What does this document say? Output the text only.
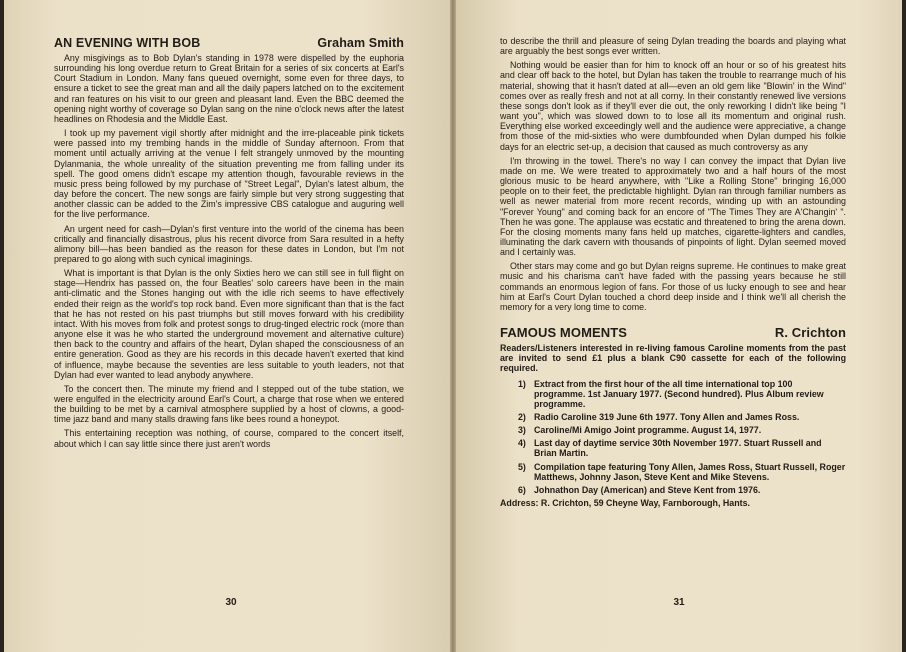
AN EVENING WITH BOB	Graham Smith

Any misgivings as to Bob Dylan's standing in 1978 were dispelled by the euphoria surrounding his long overdue return to Great Britain for a series of six concerts at Earl's Court Stadium in London. Many fans queued overnight, some even for three days, to ensure a ticket to see the great man and all the daily papers latched on to the excitement and ran features on his visit to our green and pleasant land. Even the BBC deemed the opening night worthy of coverage so Dylan sang on the nine o'clock news after the latest headlines on Rhodesia and the Middle East.

I took up my pavement vigil shortly after midnight and the irre-placeable pink tickets were passed into my trembing hands in the middle of Sunday afternoon. From that moment until actually arriving at the venue I felt strangely unmoved by the mounting Dylanmania, the whole unreality of the situation preventing me from falling under its spell. The good omens didn't escape my attention though, favourable reviews in the music press being followed by my purchase of "Street Legal", Dylan's latest album, the day before the concert. The new songs are fairly simple but very strong suggesting that another classic can be added to the Zim's impressive CBS catalogue and auguring well for the live performance.

An urgent need for cash—Dylan's first venture into the world of the cinema has been critically and financially disastrous, plus his recent divorce from Sara resulted in a hefty alimony bill—has been bandied as the reason for these dates in London, but I'm not prepared to go along with such cynical imaginings.

What is important is that Dylan is the only Sixties hero we can still see in full flight on stage—Hendrix has passed on, the four Beatles' solo careers have been in the main anti-climatic and the Stones hanging out with the idle rich seems to have effectively ended their reign as the world's top rock band. Even more significant than that is the fact that he has not rested on his past triumphs but still moves forward with his credibility intact. With his moves from folk and protest songs to drug-tinged electric rock (more than anyone else it was he who started the underground movement and alternative culture) then back to the country and affairs of the heart, Dylan shaped the consciousness of an entire generation. Good as they are his records in this decade haven't exerted that kind of influence, maybe because the seventies are less suitable to youth leaders, not that Dylan had ever wanted to lead anybody anywhere.

To the concert then. The minute my friend and I stepped out of the tube station, we were engulfed in the electricity around Earl's Court, a charge that rose when we entered the building to be met by a carnival atmosphere supplied by a host of clowns, a good-time jazz band and many stalls drawing fans like bees round a honeypot.

This entertaining reception was nothing, of course, compared to the concert itself, about which I can say little since there just aren't words

30

to describe the thrill and pleasure of seing Dylan treading the boards and playing what are arguably the best songs ever written.

Nothing would be easier than for him to knock off an hour or so of his greatest hits and clear off back to the hotel, but Dylan has taken the trouble to rearrange much of his material, showing that it hasn't dated at all—even an old gem like "Blowin' in the Wind" comes over as really fresh and not at all corny. In their constantly renewed live versions these songs don't look as if they'll ever die out, the only reworking I didn't like being "I want you", which was slowed down to to lose all its momentum and original rush. Everything else worked exceedingly well and the audience were appreciative, a change from those of the mid-sixties who were dumbfounded when Dylan dumped his folkie days for an electric set-up, a decision that caused as much controversy as any

I'm throwing in the towel. There's no way I can convey the impact that Dylan live made on me. We were treated to approximately two and a half hours of the most glorious music to be heard anywhere, with "Like a Rolling Stone" bringing 16,000 people on to their feet, the predictable highlight. Dylan ran through familiar numbers as well as newer material from more recent records, winding up with an astounding "Forever Young" and coming back for an encore of "The Times They are A'Changin' ". Then he was gone. The applause was ecstatic and threatened to bring the arena down. For the closing moments many fans held up matches, cigarette-lighters and candles, illuminating the dark cavern with thousands of pinpoints of light. Dylan seemed moved and I certainly was.

Other stars may come and go but Dylan reigns supreme. He continues to make great music and his charisma can't have faded with the passing years because he still commands an enormous legion of fans. For those of us lucky enough to see and hear him at Earl's Court Dylan touched a chord deep inside and I think we'll all cherish the memory for a very long time to come.

FAMOUS MOMENTS	R. Crichton

Readers/Listeners interested in re-living famous Caroline moments from the past are invited to send £1 plus a blank C90 cassette for each of the following required.

1) Extract from the first hour of the all time international top 100 programme. 1st January 1977. (Second hundred). Plus Album review programme.
2) Radio Caroline 319 June 6th 1977. Tony Allen and James Ross.
3) Caroline/Mi Amigo Joint programme. August 14, 1977.
4) Last day of daytime service 30th November 1977. Stuart Russell and Brian Martin.
5) Compilation tape featuring Tony Allen, James Ross, Stuart Russell, Roger Matthews, Johnny Jason, Steve Kent and Mike Stevens.
6) Johnathon Day (American) and Steve Kent from 1976.
Address: R. Crichton, 59 Cheyne Way, Farnborough, Hants.
31
